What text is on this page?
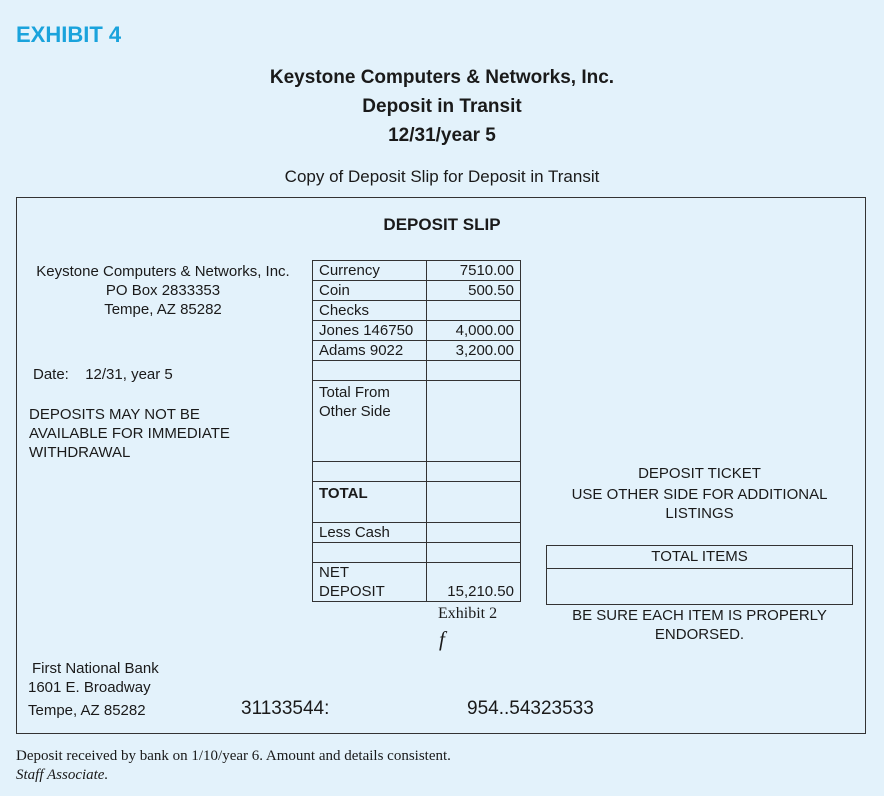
EXHIBIT 4
Keystone Computers & Networks, Inc.
Deposit in Transit
12/31/year 5
Copy of Deposit Slip for Deposit in Transit
DEPOSIT SLIP
Keystone Computers & Networks, Inc.
PO Box 2833353
Tempe, AZ 85282
Date: 12/31, year 5
DEPOSITS MAY NOT BE
AVAILABLE FOR IMMEDIATE
WITHDRAWAL
Currency	7510.00
Coin	500.50
Checks	
Jones 146750	4,000.00
Adams 9022	3,200.00

Total From
Other Side	

TOTAL	
Less Cash	

NET
DEPOSIT	15,210.50
Exhibit 2
f
DEPOSIT TICKET
USE OTHER SIDE FOR ADDITIONAL
LISTINGS
TOTAL ITEMS
BE SURE EACH ITEM IS PROPERLY
ENDORSED.
First National Bank
1601 E. Broadway
Tempe, AZ 85282	31133544:	954..54323533
Deposit received by bank on 1/10/year 6. Amount and details consistent.
Staff Associate.
